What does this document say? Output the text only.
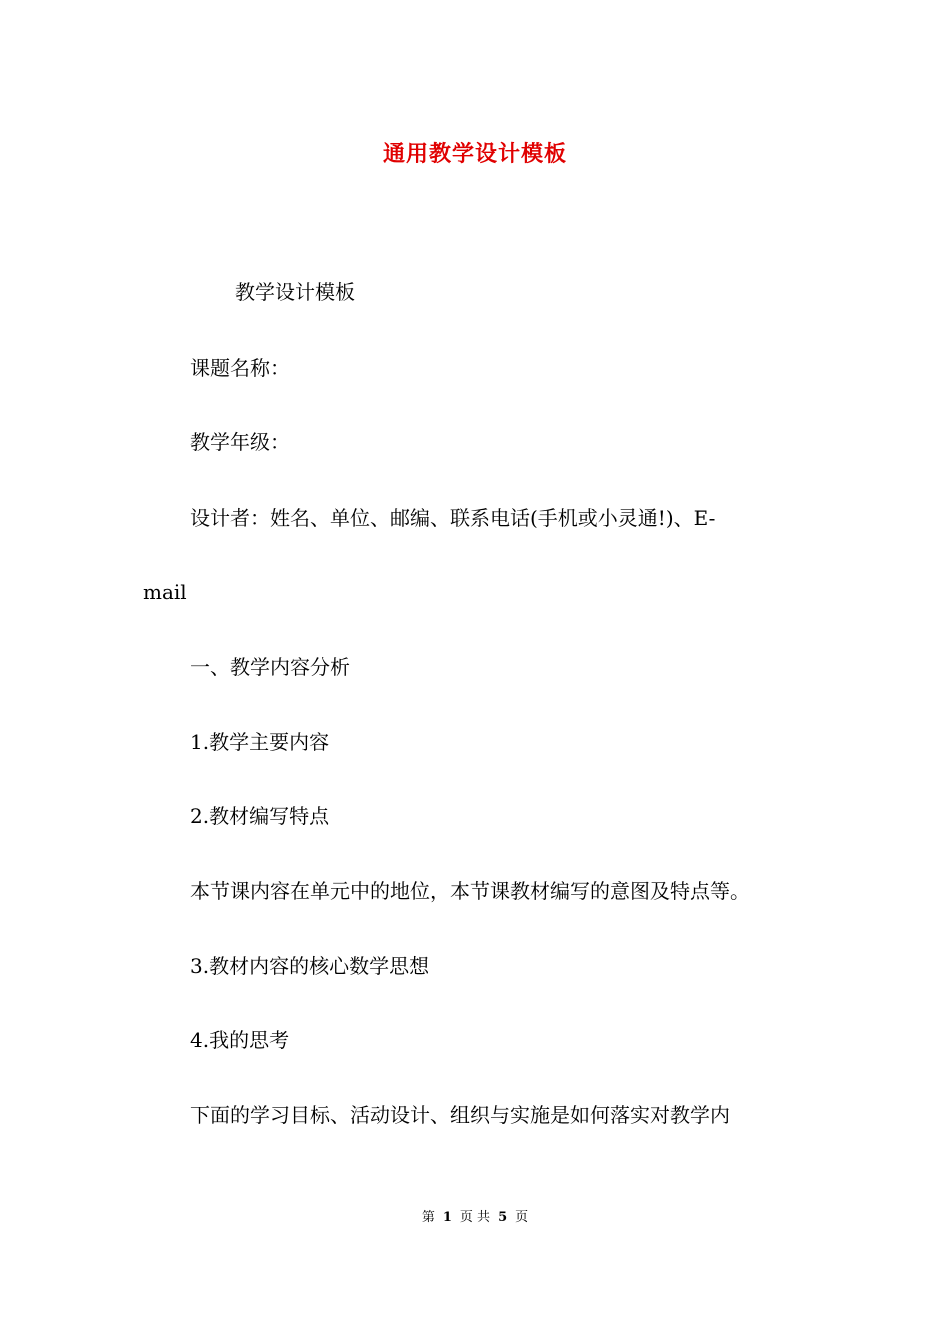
通用教学设计模板
教学设计模板
课题名称：
教学年级：
设计者：姓名、单位、邮编、联系电话(手机或小灵通!)、E-
mail
一、教学内容分析
1.教学主要内容
2.教材编写特点
本节课内容在单元中的地位，本节课教材编写的意图及特点等。
3.教材内容的核心数学思想
4.我的思考
下面的学习目标、活动设计、组织与实施是如何落实对教学内
第 1 页 共 5 页
